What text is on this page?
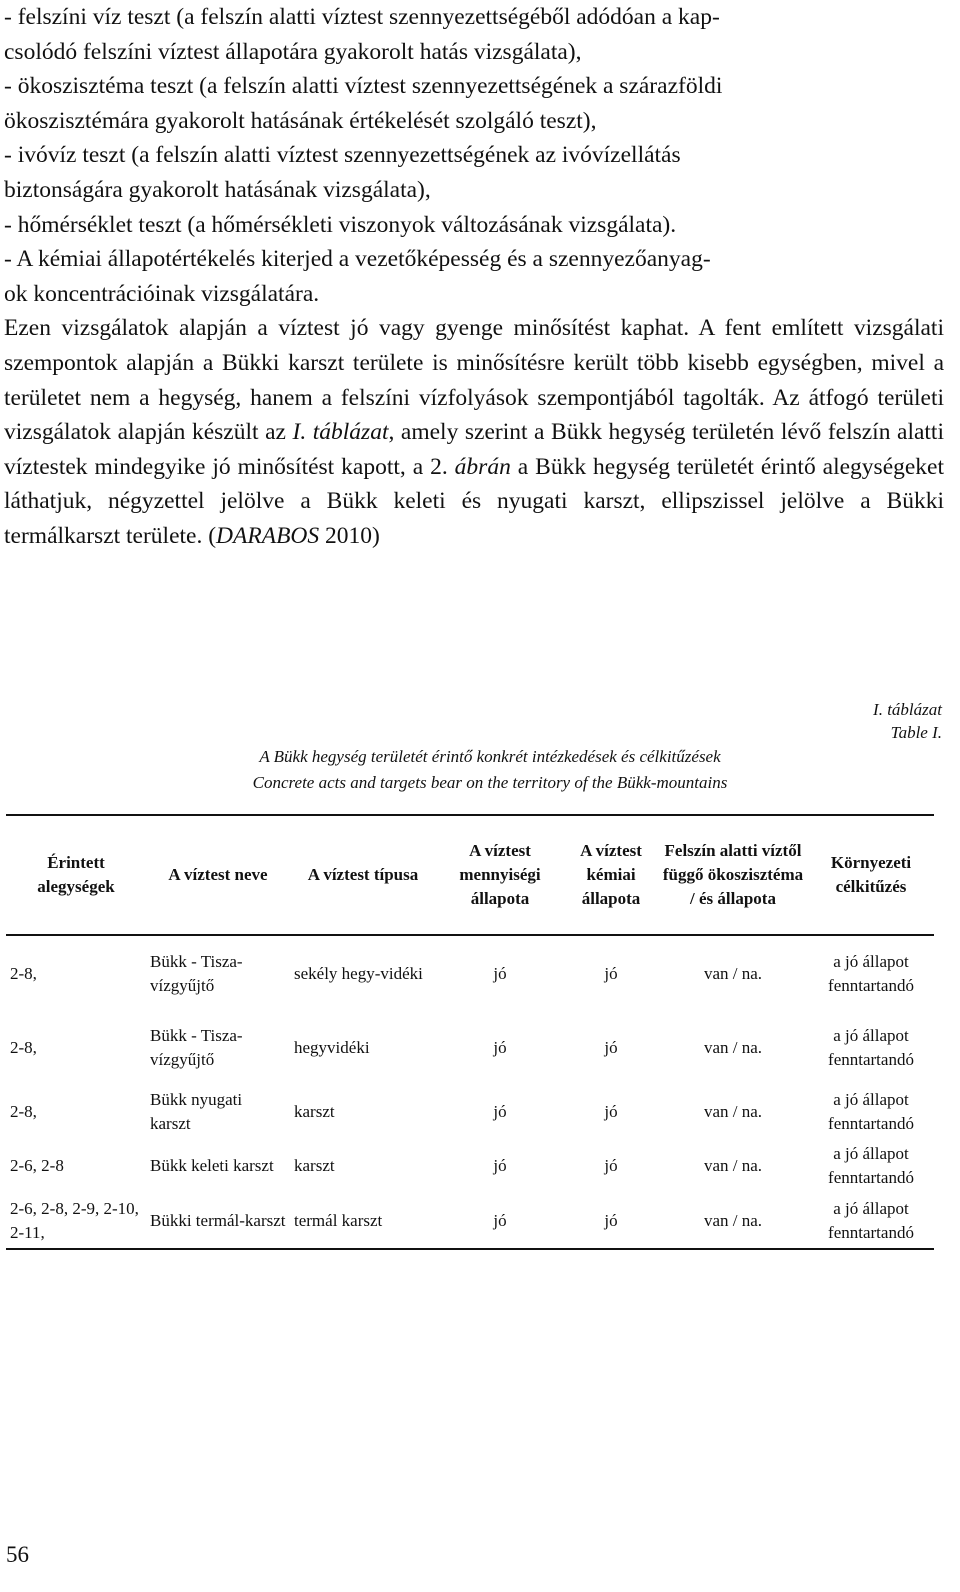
- felszíni víz teszt (a felszín alatti víztest szennyezettségéből adódóan a kap-

csolódó felszíni víztest állapotára gyakorolt hatás vizsgálata),

- ökoszisztéma teszt (a felszín alatti víztest szennyezettségének a szárazföldi

ökoszisztémára gyakorolt hatásának értékelését szolgáló teszt),

- ivóvíz teszt (a felszín alatti víztest szennyezettségének az ivóvízellátás

biztonságára gyakorolt hatásának vizsgálata),

- hőmérséklet teszt (a hőmérsékleti viszonyok változásának vizsgálata).

- A kémiai állapotértékelés kiterjed a vezetőképesség és a szennyezőanyag-

ok koncentrációinak vizsgálatára.

Ezen vizsgálatok alapján a víztest jó vagy gyenge minősítést kaphat. A fent említett vizsgálati szempontok alapján a Bükki karszt területe is minősítésre került több kisebb egységben, mivel a területet nem a hegység, hanem a felszíni vízfolyások szempontjából tagolták. Az átfogó területi vizsgálatok alapján készült az I. táblázat, amely szerint a Bükk hegység területén lévő felszín alatti víztestek mindegyike jó minősítést kapott, a 2. ábrán a Bükk hegység területét érintő alegységeket láthatjuk, négyzettel jelölve a Bükk keleti és nyugati karszt, ellipszissel jelölve a Bükki termálkarszt területe. (DARABOS 2010)

I. táblázat
Table I.
A Bükk hegység területét érintő konkrét intézkedések és célkitűzések
Concrete acts and targets bear on the territory of the Bükk-mountains
Érintett alegységek	A víztest neve	A víztest típusa	A víztest mennyiségi állapota	A víztest kémiai állapota	Felszín alatti víztől függő ökoszisztéma / és állapota	Környezeti célkitűzés
2-8,	Bükk - Tisza-vízgyűjtő	sekély hegy-vidéki	jó	jó	van / na.	a jó állapot fenntartandó
2-8,	Bükk - Tisza-vízgyűjtő	hegyvidéki	jó	jó	van / na.	a jó állapot fenntartandó
2-8,	Bükk nyugati karszt	karszt	jó	jó	van / na.	a jó állapot fenntartandó
2-6, 2-8	Bükk keleti karszt	karszt	jó	jó	van / na.	a jó állapot fenntartandó
2-6, 2-8, 2-9, 2-10, 2-11,	Bükki termál-karszt	termál karszt	jó	jó	van / na.	a jó állapot fenntartandó
56
